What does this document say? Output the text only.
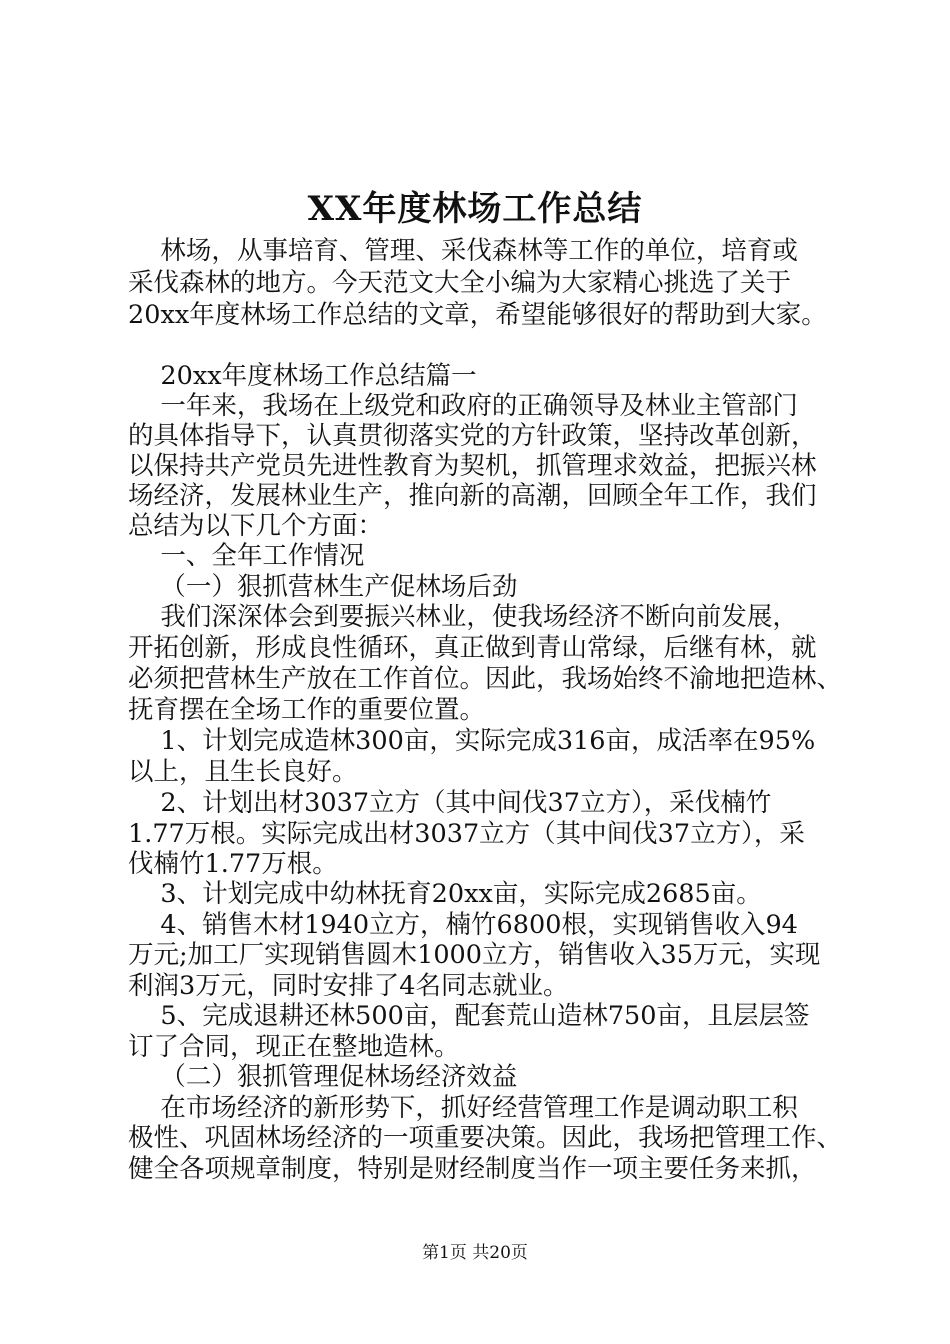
XX年度林场工作总结
林场，从事培育、管理、采伐森林等工作的单位，培育或
采伐森林的地方。今天范文大全小编为大家精心挑选了关于
20xx年度林场工作总结的文章，希望能够很好的帮助到大家。
20xx年度林场工作总结篇一
一年来，我场在上级党和政府的正确领导及林业主管部门
的具体指导下，认真贯彻落实党的方针政策，坚持改革创新，
以保持共产党员先进性教育为契机，抓管理求效益，把振兴林
场经济，发展林业生产，推向新的高潮，回顾全年工作，我们
总结为以下几个方面：
一、全年工作情况
（一）狠抓营林生产促林场后劲
我们深深体会到要振兴林业，使我场经济不断向前发展，
开拓创新，形成良性循环，真正做到青山常绿，后继有林，就
必须把营林生产放在工作首位。因此，我场始终不渝地把造林、
抚育摆在全场工作的重要位置。
1、计划完成造林300亩，实际完成316亩，成活率在95%
以上，且生长良好。
2、计划出材3037立方（其中间伐37立方），采伐楠竹
1.77万根。实际完成出材3037立方（其中间伐37立方），采
伐楠竹1.77万根。
3、计划完成中幼林抚育20xx亩，实际完成2685亩。
4、销售木材1940立方，楠竹6800根，实现销售收入94
万元;加工厂实现销售圆木1000立方，销售收入35万元，实现
利润3万元，同时安排了4名同志就业。
5、完成退耕还林500亩，配套荒山造林750亩，且层层签
订了合同，现正在整地造林。
（二）狠抓管理促林场经济效益
在市场经济的新形势下，抓好经营管理工作是调动职工积
极性、巩固林场经济的一项重要决策。因此，我场把管理工作、
健全各项规章制度，特别是财经制度当作一项主要任务来抓，
第1页 共20页
